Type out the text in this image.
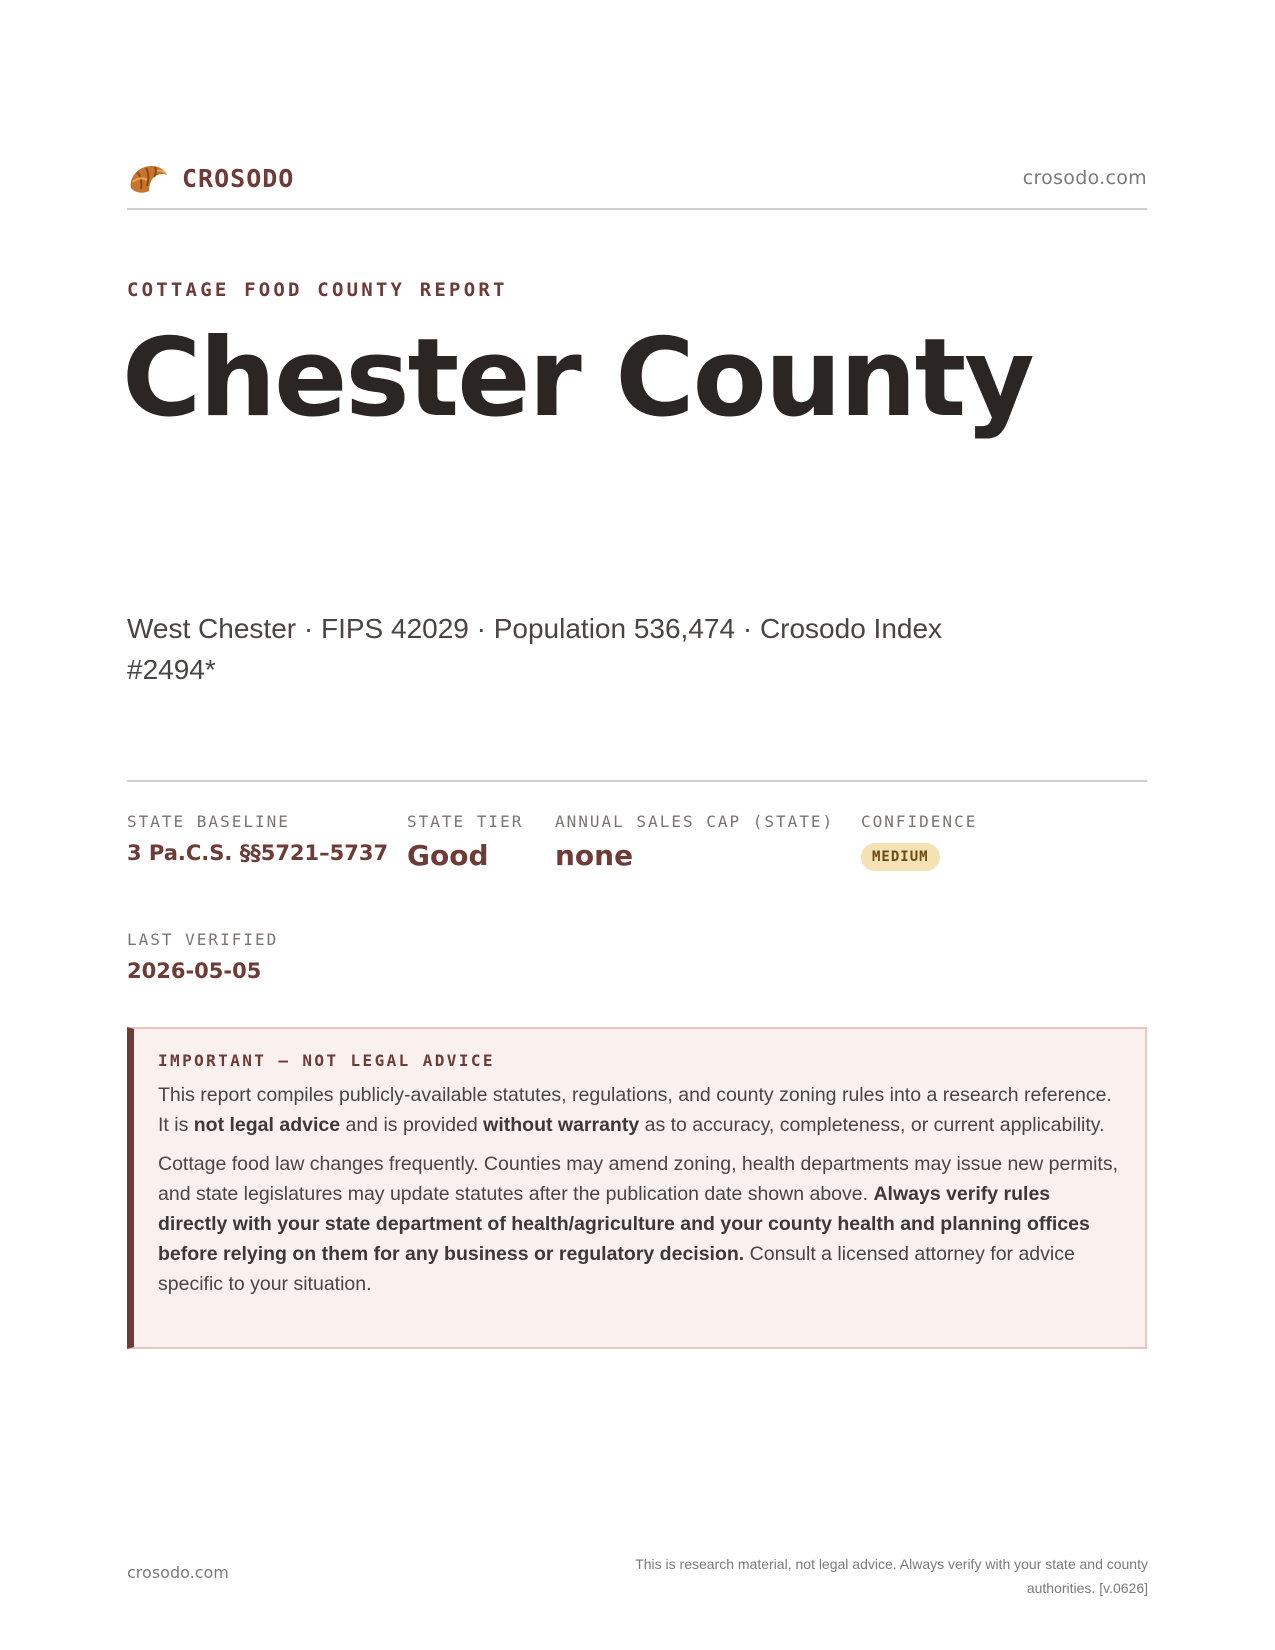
CROSODO	crosodo.com
COTTAGE FOOD COUNTY REPORT
Chester County
West Chester · FIPS 42029 · Population 536,474 · Crosodo Index #2494*
STATE BASELINE
3 Pa.C.S. §§5721–5737
STATE TIER
Good
ANNUAL SALES CAP (STATE)
none
CONFIDENCE
MEDIUM
LAST VERIFIED
2026-05-05
IMPORTANT — NOT LEGAL ADVICE

This report compiles publicly-available statutes, regulations, and county zoning rules into a research reference. It is not legal advice and is provided without warranty as to accuracy, completeness, or current applicability.

Cottage food law changes frequently. Counties may amend zoning, health departments may issue new permits, and state legislatures may update statutes after the publication date shown above. Always verify rules directly with your state department of health/agriculture and your county health and planning offices before relying on them for any business or regulatory decision. Consult a licensed attorney for advice specific to your situation.

crosodo.com	This is research material, not legal advice. Always verify with your state and county authorities. [v.0626]
